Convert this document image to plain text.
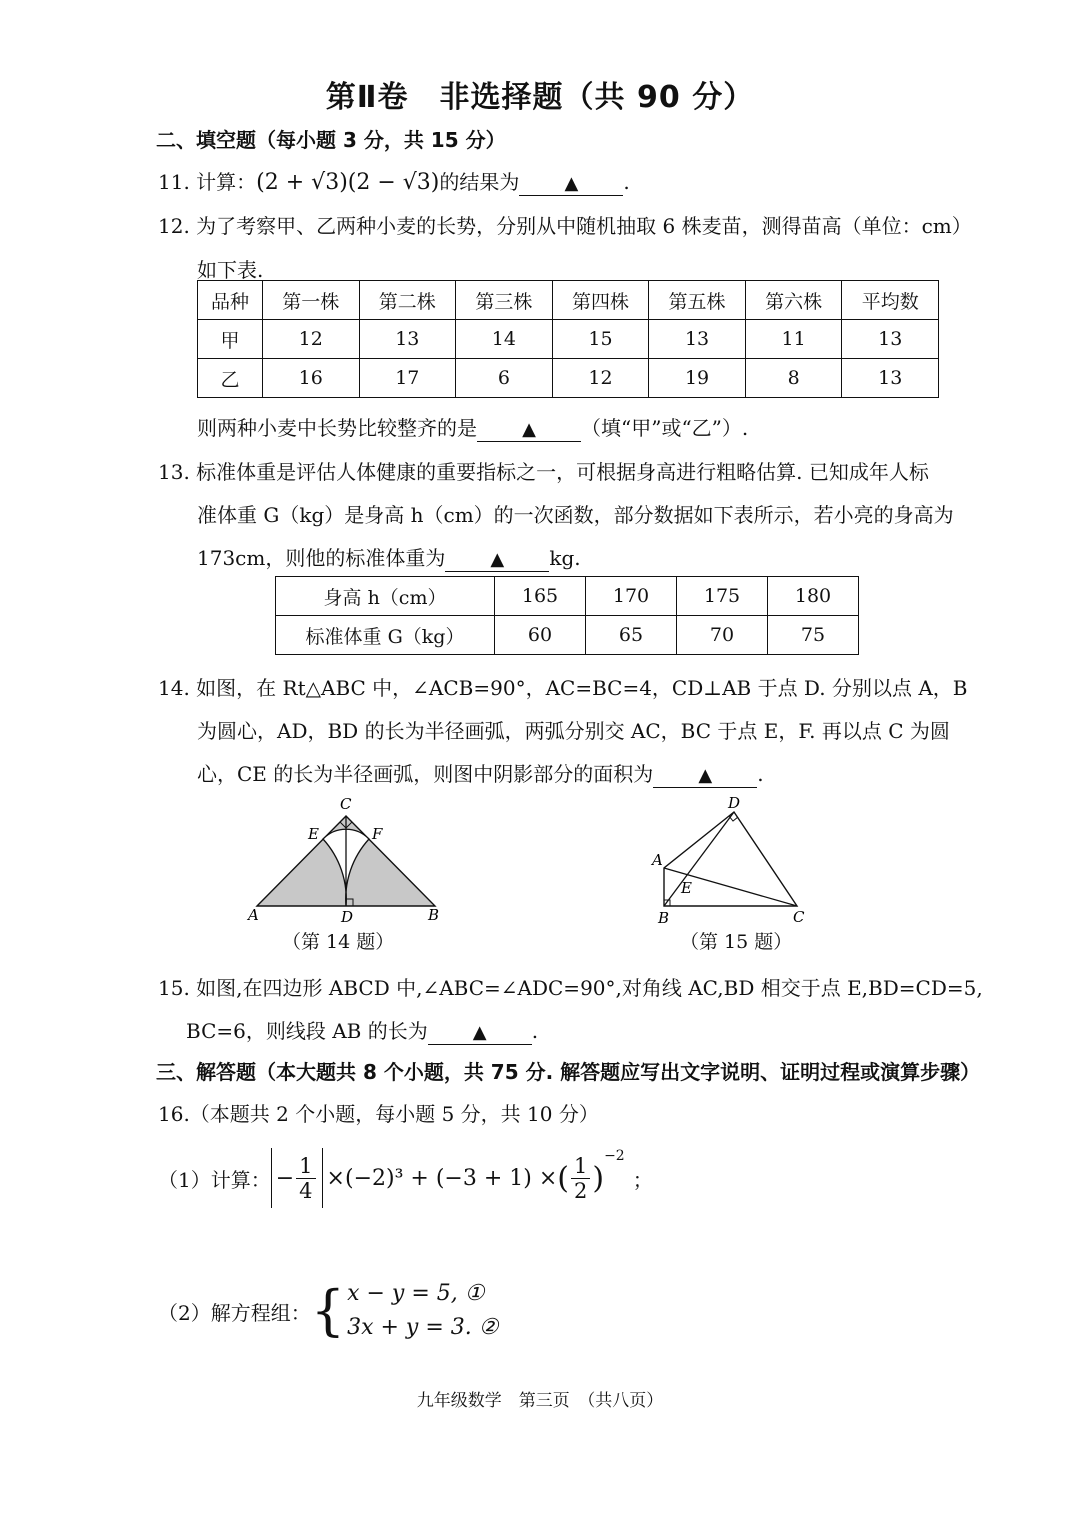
第Ⅱ卷　非选择题（共 90 分）
二、填空题（每小题 3 分，共 15 分）
11. 计算：(2 + √3)(2 − √3)的结果为	▲ .
12. 为了考察甲、乙两种小麦的长势，分别从中随机抽取 6 株麦苗，测得苗高（单位：cm）
如下表.
品种	第一株	第二株	第三株	第四株	第五株	第六株	平均数
甲	12	13	14	15	13	11	13
乙	16	17	6	12	19	8	13
则两种小麦中长势比较整齐的是	▲ （填“甲”或“乙”）.
13. 标准体重是评估人体健康的重要指标之一，可根据身高进行粗略估算. 已知成年人标
准体重 G（kg）是身高 h（cm）的一次函数，部分数据如下表所示，若小亮的身高为
173cm，则他的标准体重为	▲ kg.
身高 h（cm）	165	170	175	180
标准体重 G（kg）	60	65	70	75
14. 如图，在 Rt△ABC 中，∠ACB=90°，AC=BC=4，CD⊥AB 于点 D. 分别以点 A，B
为圆心，AD，BD 的长为半径画弧，两弧分别交 AC，BC 于点 E，F. 再以点 C 为圆
心，CE 的长为半径画弧，则图中阴影部分的面积为	▲ .
C
E	F
A	D	B
（第 14 题）
D
A
E
B	C
（第 15 题）
15. 如图,在四边形 ABCD 中,∠ABC=∠ADC=90°,对角线 AC,BD 相交于点 E,BD=CD=5,
BC=6，则线段 AB 的长为	▲ .
三、解答题（本大题共 8 个小题，共 75 分. 解答题应写出文字说明、证明过程或演算步骤）
16.（本题共 2 个小题，每小题 5 分，共 10 分）
（1）计算： − $\frac{1}{4} \times(-2)^3 + (-3 + 1)$ × ( $\frac{1}{2}$ )
−2
；
（2）解方程组： { x − y = 5, ①
3x + y = 3. ②
九年级数学　第三页　（共八页）
